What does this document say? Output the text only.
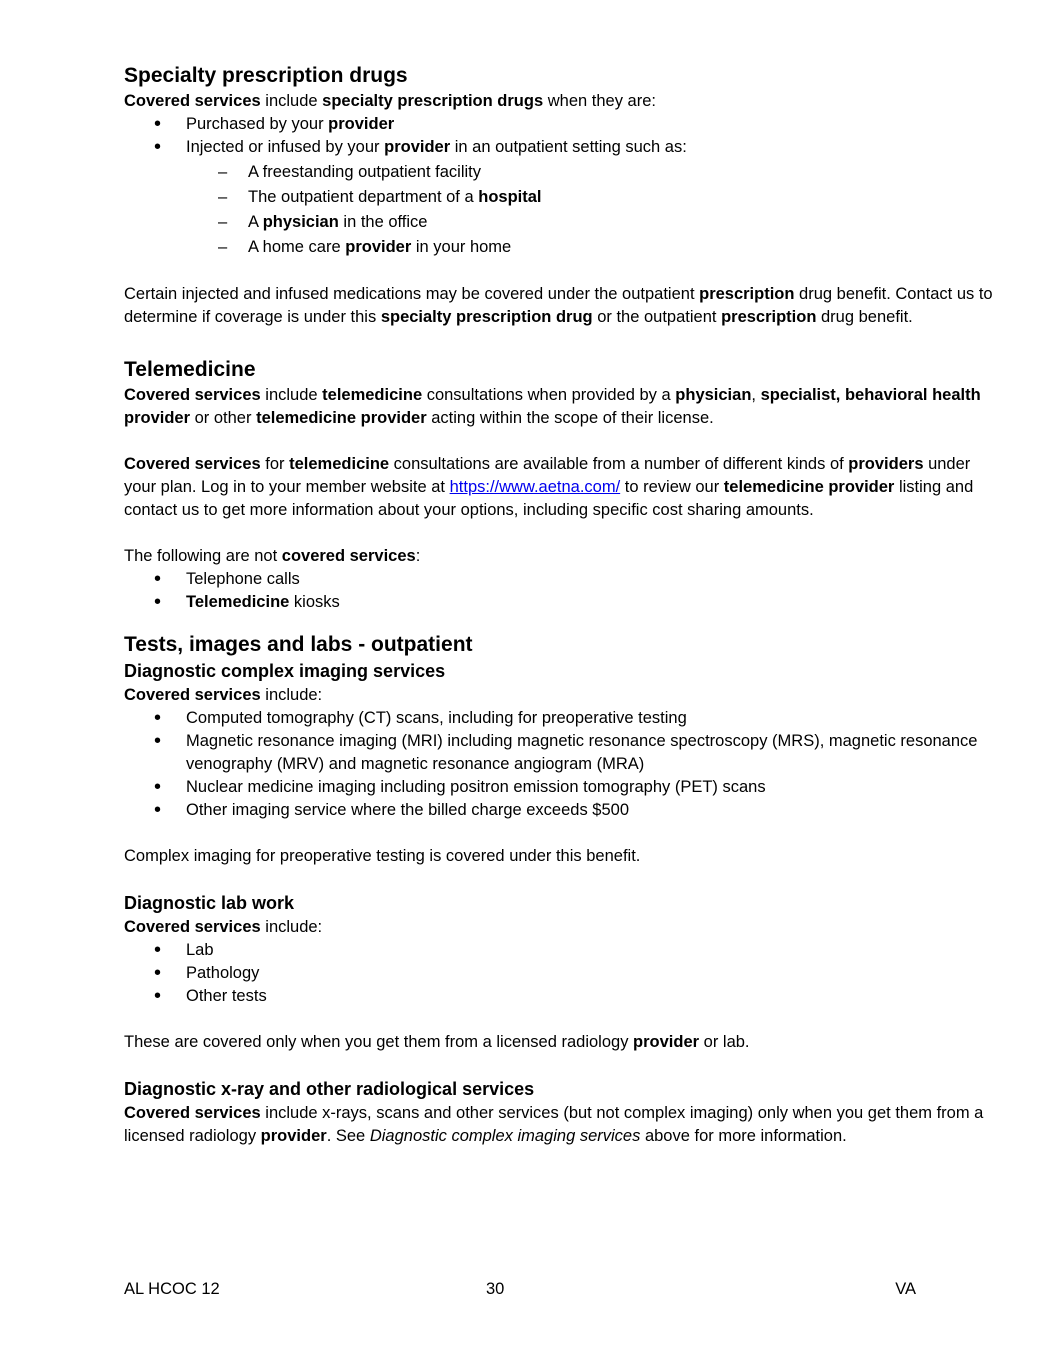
Specialty prescription drugs

Covered services include specialty prescription drugs when they are:

• Purchased by your provider
• Injected or infused by your provider in an outpatient setting such as:
– A freestanding outpatient facility
– The outpatient department of a hospital
– A physician in the office
– A home care provider in your home

Certain injected and infused medications may be covered under the outpatient prescription drug benefit. Contact us to determine if coverage is under this specialty prescription drug or the outpatient prescription drug benefit.

Telemedicine

Covered services include telemedicine consultations when provided by a physician, specialist, behavioral health provider or other telemedicine provider acting within the scope of their license.

Covered services for telemedicine consultations are available from a number of different kinds of providers under your plan. Log in to your member website at https://www.aetna.com/ to review our telemedicine provider listing and contact us to get more information about your options, including specific cost sharing amounts.

The following are not covered services:

• Telephone calls
• Telemedicine kiosks
Tests, images and labs - outpatient
Diagnostic complex imaging services

Covered services include:

• Computed tomography (CT) scans, including for preoperative testing
• Magnetic resonance imaging (MRI) including magnetic resonance spectroscopy (MRS), magnetic resonance venography (MRV) and magnetic resonance angiogram (MRA)
• Nuclear medicine imaging including positron emission tomography (PET) scans
• Other imaging service where the billed charge exceeds $500

Complex imaging for preoperative testing is covered under this benefit.

Diagnostic lab work

Covered services include:

• Lab
• Pathology
• Other tests

These are covered only when you get them from a licensed radiology provider or lab.

Diagnostic x-ray and other radiological services

Covered services include x-rays, scans and other services (but not complex imaging) only when you get them from a licensed radiology provider. See Diagnostic complex imaging services above for more information.

AL HCOC 12	30	VA
